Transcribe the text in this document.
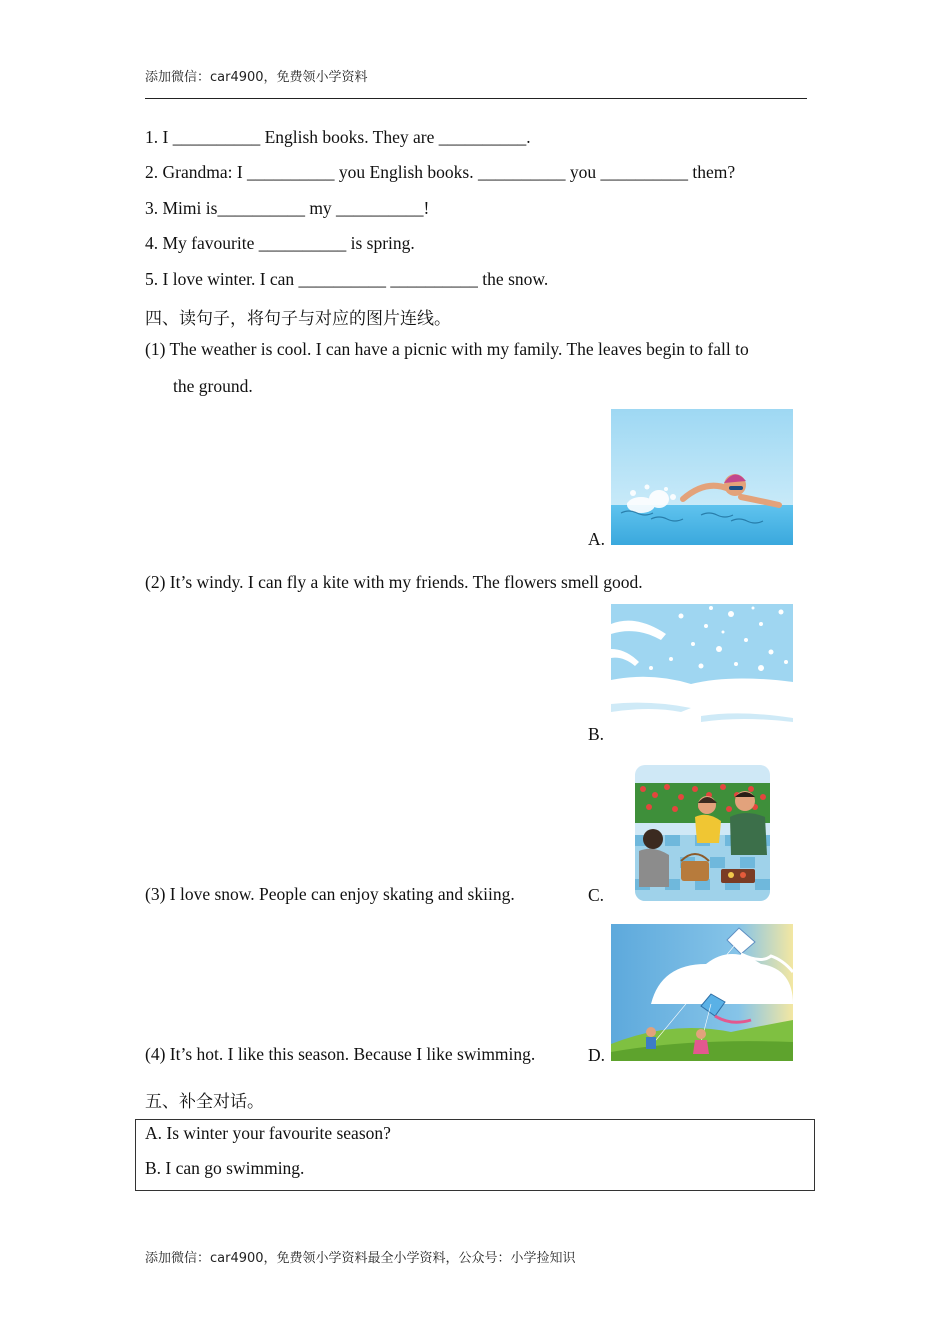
添加微信：car4900，免费领小学资料
1. I __________ English books. They are __________.
2. Grandma: I __________ you English books. __________ you __________ them?
3. Mimi is__________ my __________!
4. My favourite __________ is spring.
5. I love winter. I can __________ __________ the snow.
四、读句子，将句子与对应的图片连线。
(1) The weather is cool. I can have a picnic with my family. The leaves begin to fall to
the ground.
(2) It’s windy. I can fly a kite with my friends. The flowers smell good.
(3) I love snow. People can enjoy skating and skiing.
(4) It’s hot. I like this season. Because I like swimming.
A.
B.
C.
D.
五、补全对话。
A. Is winter your favourite season?
B. I can go swimming.
添加微信：car4900，免费领小学资料最全小学资料，公众号：小学捡知识
